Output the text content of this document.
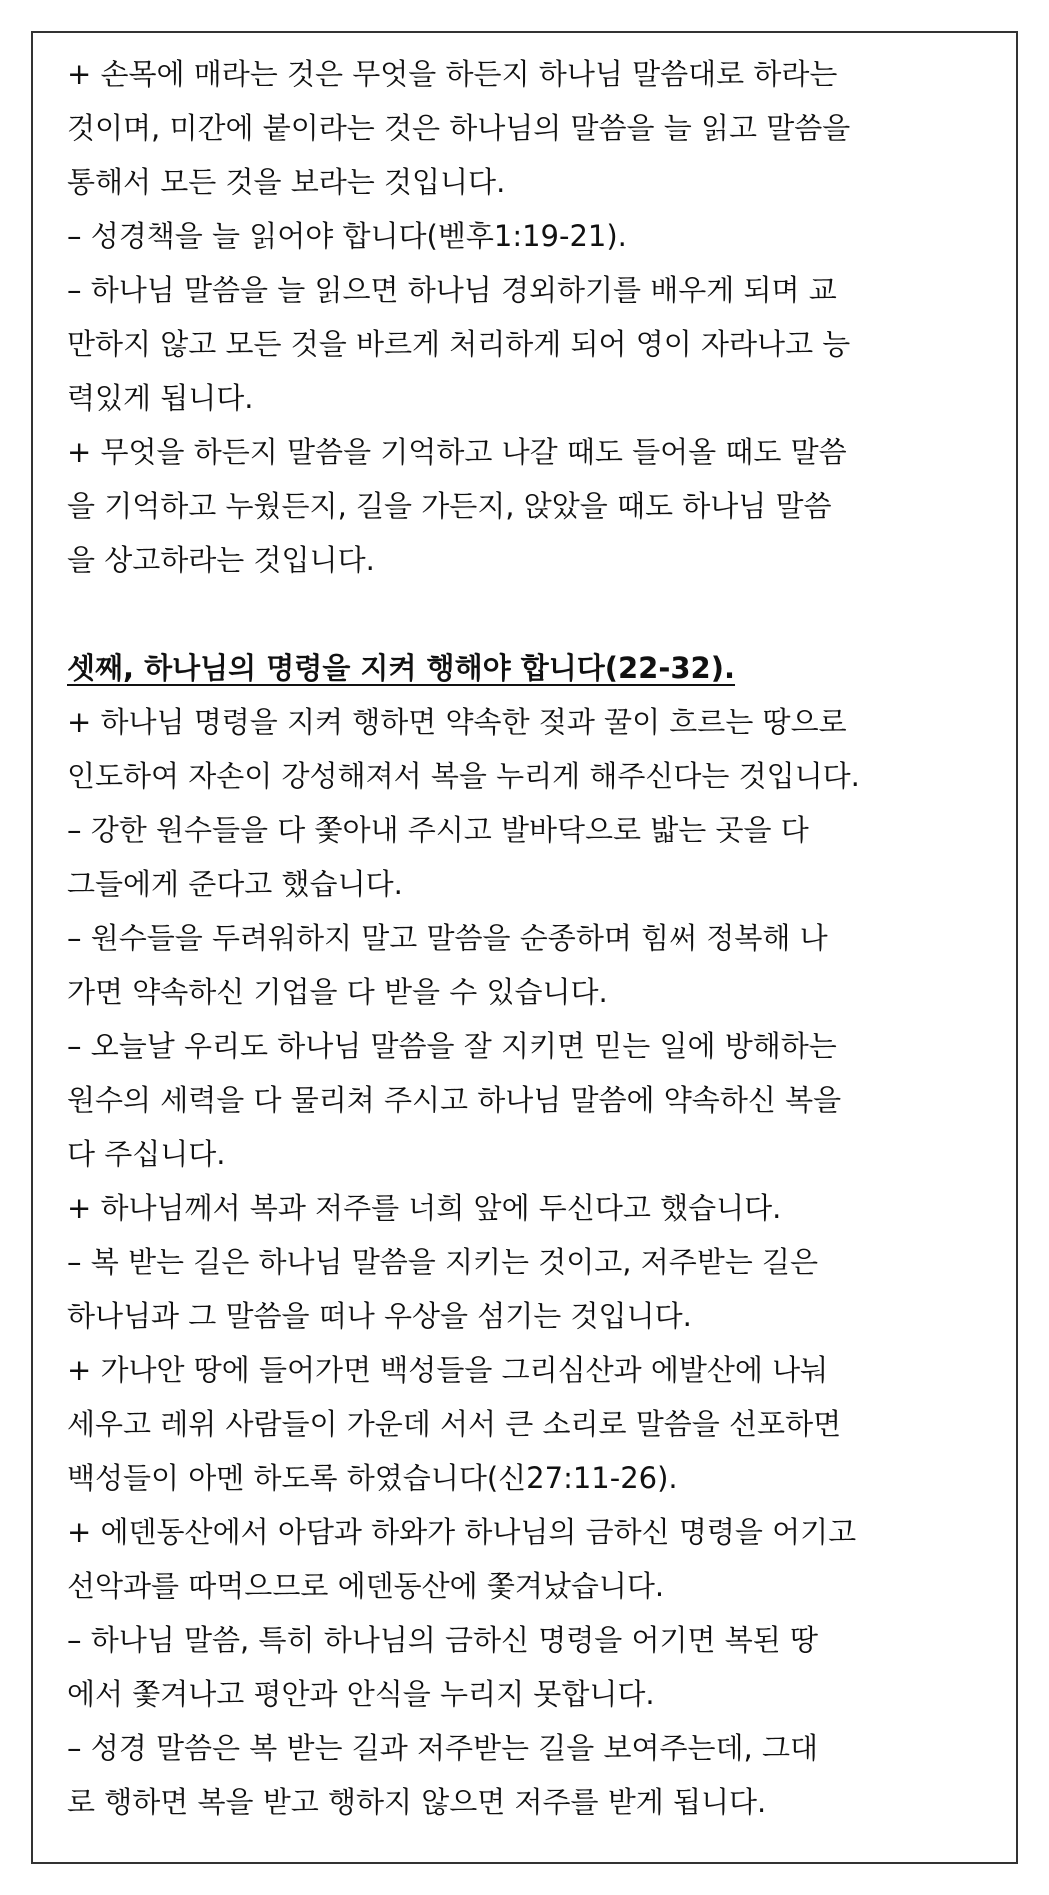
+ 손목에 매라는 것은 무엇을 하든지 하나님 말씀대로 하라는
것이며, 미간에 붙이라는 것은 하나님의 말씀을 늘 읽고 말씀을
통해서 모든 것을 보라는 것입니다.
– 성경책을 늘 읽어야 합니다(벧후1:19-21).
– 하나님 말씀을 늘 읽으면 하나님 경외하기를 배우게 되며 교
만하지 않고 모든 것을 바르게 처리하게 되어 영이 자라나고 능
력있게 됩니다.
+ 무엇을 하든지 말씀을 기억하고 나갈 때도 들어올 때도 말씀
을 기억하고 누웠든지, 길을 가든지, 앉았을 때도 하나님 말씀
을 상고하라는 것입니다.
셋째, 하나님의 명령을 지켜 행해야 합니다(22-32).
+ 하나님 명령을 지켜 행하면 약속한 젖과 꿀이 흐르는 땅으로
인도하여 자손이 강성해져서 복을 누리게 해주신다는 것입니다.
– 강한 원수들을 다 쫓아내 주시고 발바닥으로 밟는 곳을 다
그들에게 준다고 했습니다.
– 원수들을 두려워하지 말고 말씀을 순종하며 힘써 정복해 나
가면 약속하신 기업을 다 받을 수 있습니다.
– 오늘날 우리도 하나님 말씀을 잘 지키면 믿는 일에 방해하는
원수의 세력을 다 물리쳐 주시고 하나님 말씀에 약속하신 복을
다 주십니다.
+ 하나님께서 복과 저주를 너희 앞에 두신다고 했습니다.
– 복 받는 길은 하나님 말씀을 지키는 것이고, 저주받는 길은
하나님과 그 말씀을 떠나 우상을 섬기는 것입니다.
+ 가나안 땅에 들어가면 백성들을 그리심산과 에발산에 나눠
세우고 레위 사람들이 가운데 서서 큰 소리로 말씀을 선포하면
백성들이 아멘 하도록 하였습니다(신27:11-26).
+ 에덴동산에서 아담과 하와가 하나님의 금하신 명령을 어기고
선악과를 따먹으므로 에덴동산에 쫓겨났습니다.
– 하나님 말씀, 특히 하나님의 금하신 명령을 어기면 복된 땅
에서 쫓겨나고 평안과 안식을 누리지 못합니다.
– 성경 말씀은 복 받는 길과 저주받는 길을 보여주는데, 그대
로 행하면 복을 받고 행하지 않으면 저주를 받게 됩니다.
